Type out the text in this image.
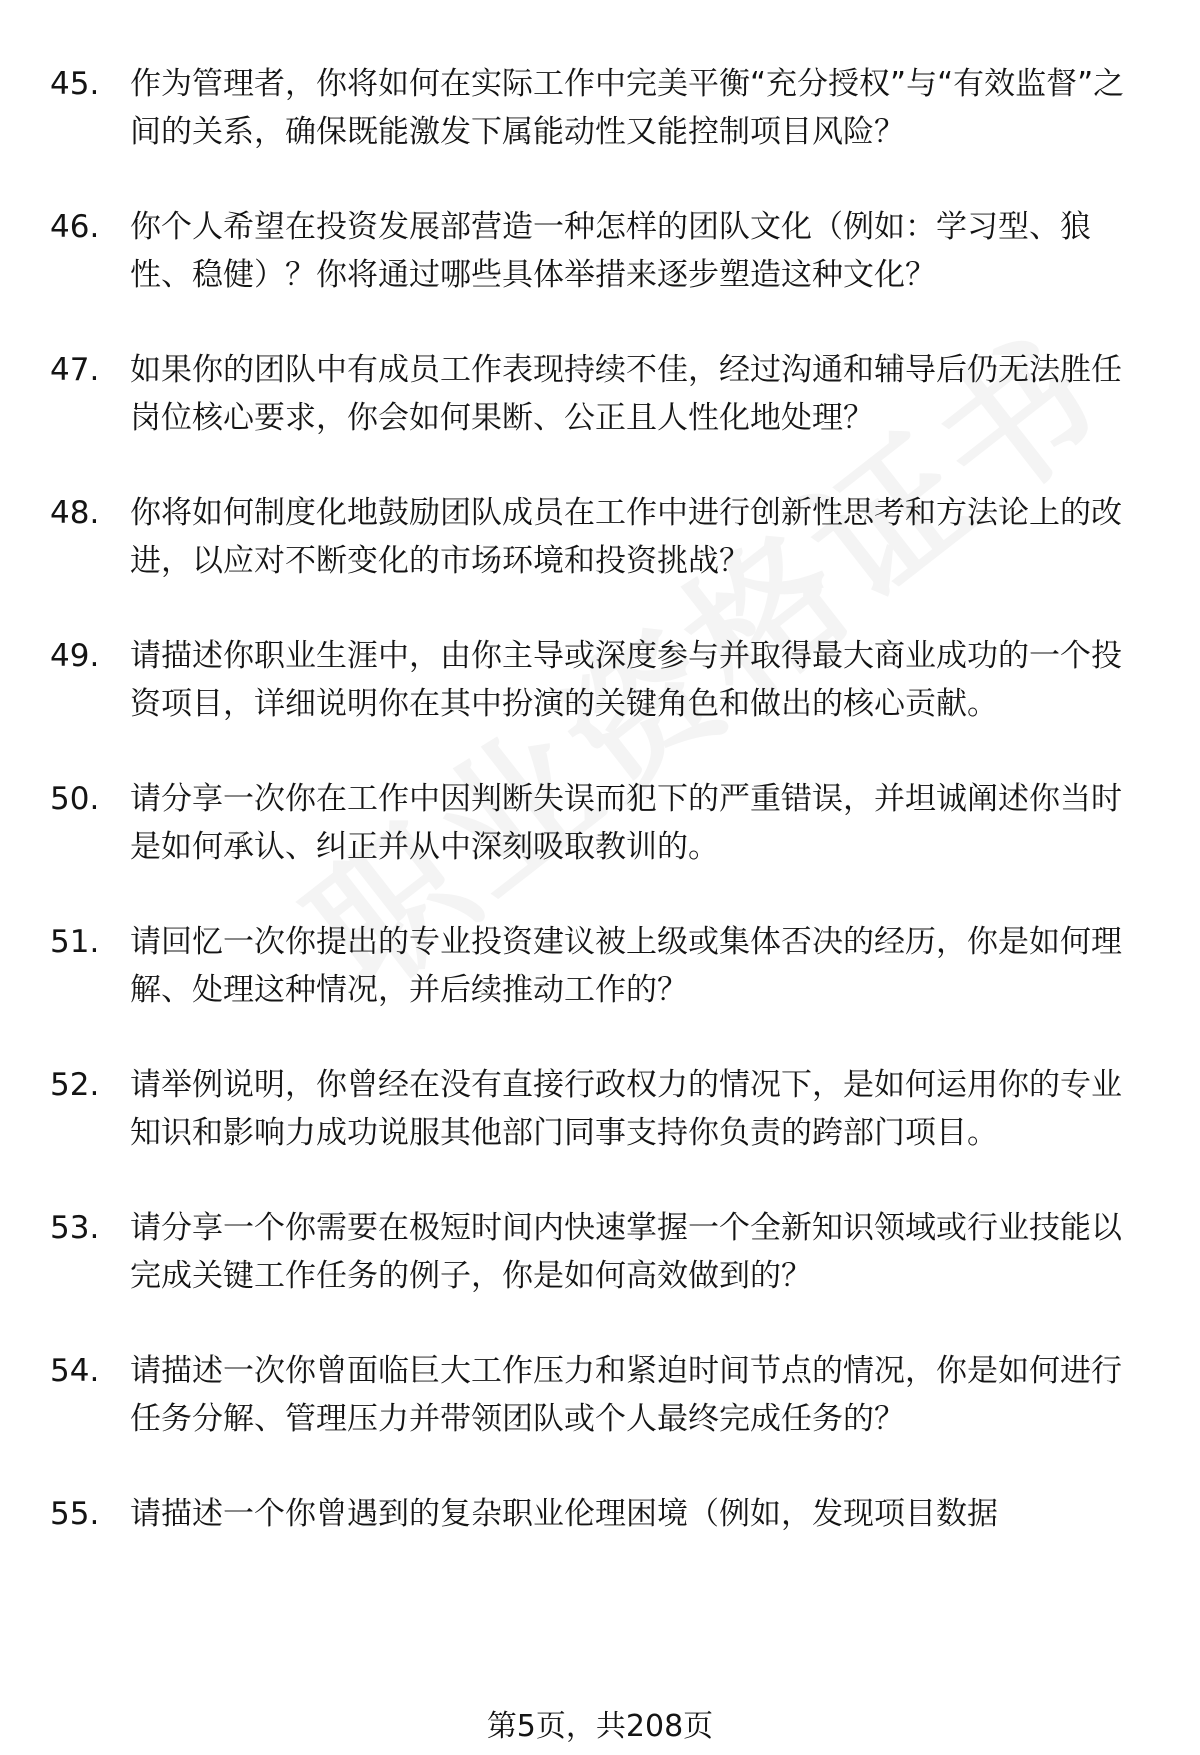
45. 作为管理者，你将如何在实际工作中完美平衡“充分授权”与“有效监督”之间的关系，确保既能激发下属能动性又能控制项目风险？
46. 你个人希望在投资发展部营造一种怎样的团队文化（例如：学习型、狼性、稳健）？你将通过哪些具体举措来逐步塑造这种文化？
47. 如果你的团队中有成员工作表现持续不佳，经过沟通和辅导后仍无法胜任岗位核心要求，你会如何果断、公正且人性化地处理？
48. 你将如何制度化地鼓励团队成员在工作中进行创新性思考和方法论上的改进，以应对不断变化的市场环境和投资挑战？
49. 请描述你职业生涯中，由你主导或深度参与并取得最大商业成功的一个投资项目，详细说明你在其中扮演的关键角色和做出的核心贡献。
50. 请分享一次你在工作中因判断失误而犯下的严重错误，并坦诚阐述你当时是如何承认、纠正并从中深刻吸取教训的。
51. 请回忆一次你提出的专业投资建议被上级或集体否决的经历，你是如何理解、处理这种情况，并后续推动工作的？
52. 请举例说明，你曾经在没有直接行政权力的情况下，是如何运用你的专业知识和影响力成功说服其他部门同事支持你负责的跨部门项目。
53. 请分享一个你需要在极短时间内快速掌握一个全新知识领域或行业技能以完成关键工作任务的例子，你是如何高效做到的？
54. 请描述一次你曾面临巨大工作压力和紧迫时间节点的情况，你是如何进行任务分解、管理压力并带领团队或个人最终完成任务的？
55. 请描述一个你曾遇到的复杂职业伦理困境（例如，发现项目数据
第5页，共208页
